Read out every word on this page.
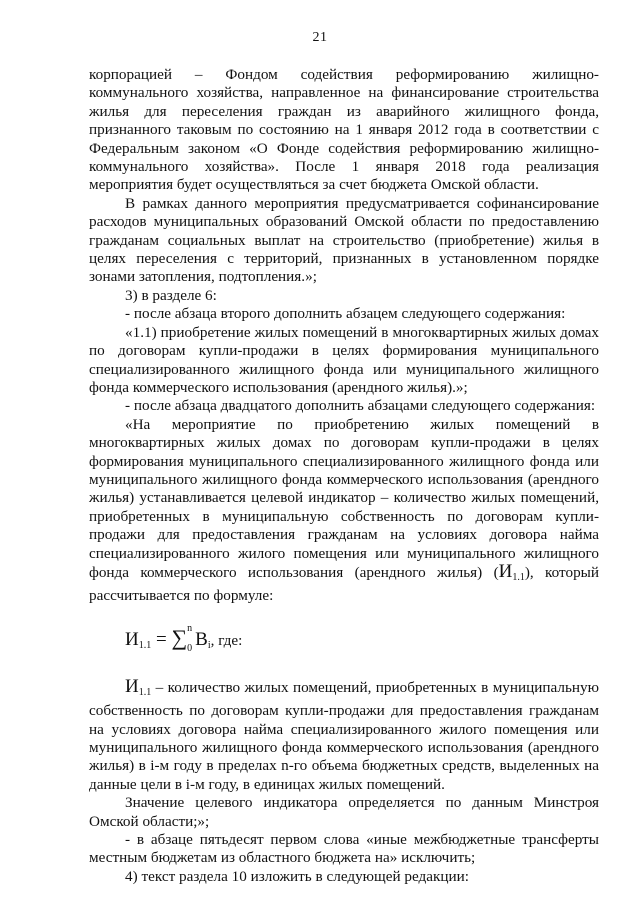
21

корпорацией – Фондом содействия реформированию жилищно-коммунального хозяйства, направленное на финансирование строительства жилья для переселения граждан из аварийного жилищного фонда, признанного таковым по состоянию на 1 января 2012 года в соответствии с Федеральным законом «О Фонде содействия реформированию жилищно-коммунального хозяйства». После 1 января 2018 года реализация мероприятия будет осуществляться за счет бюджета Омской области.

В рамках данного мероприятия предусматривается софинансирование расходов муниципальных образований Омской области по предоставлению гражданам социальных выплат на строительство (приобретение) жилья в целях переселения с территорий, признанных в установленном порядке зонами затопления, подтопления.»;

3) в разделе 6:

- после абзаца второго дополнить абзацем следующего содержания:

«1.1) приобретение жилых помещений в многоквартирных жилых домах по договорам купли-продажи в целях формирования муниципального специализированного жилищного фонда или муниципального жилищного фонда коммерческого использования (арендного жилья).»;

- после абзаца двадцатого дополнить абзацами следующего содержания:

«На мероприятие по приобретению жилых помещений в многоквартирных жилых домах по договорам купли-продажи в целях формирования муниципального специализированного жилищного фонда или муниципального жилищного фонда коммерческого использования (арендного жилья) устанавливается целевой индикатор – количество жилых помещений, приобретенных в муниципальную собственность по договорам купли-продажи для предоставления гражданам на условиях договора найма специализированного жилого помещения или муниципального жилищного фонда коммерческого использования (арендного жилья) $(И_{1.1})$, который рассчитывается по формуле:

$И_{1.1}$ = ∑ n
0 $В_i$, где:

$И_{1.1}$ – количество жилых помещений, приобретенных в муниципальную собственность по договорам купли-продажи для предоставления гражданам на условиях договора найма специализированного жилого помещения или муниципального жилищного фонда коммерческого использования (арендного жилья) в i-м году в пределах n-го объема бюджетных средств, выделенных на данные цели в i-м году, в единицах жилых помещений.

Значение целевого индикатора определяется по данным Минстроя Омской области;»;

- в абзаце пятьдесят первом слова «иные межбюджетные трансферты местным бюджетам из областного бюджета на» исключить;

4) текст раздела 10 изложить в следующей редакции:
